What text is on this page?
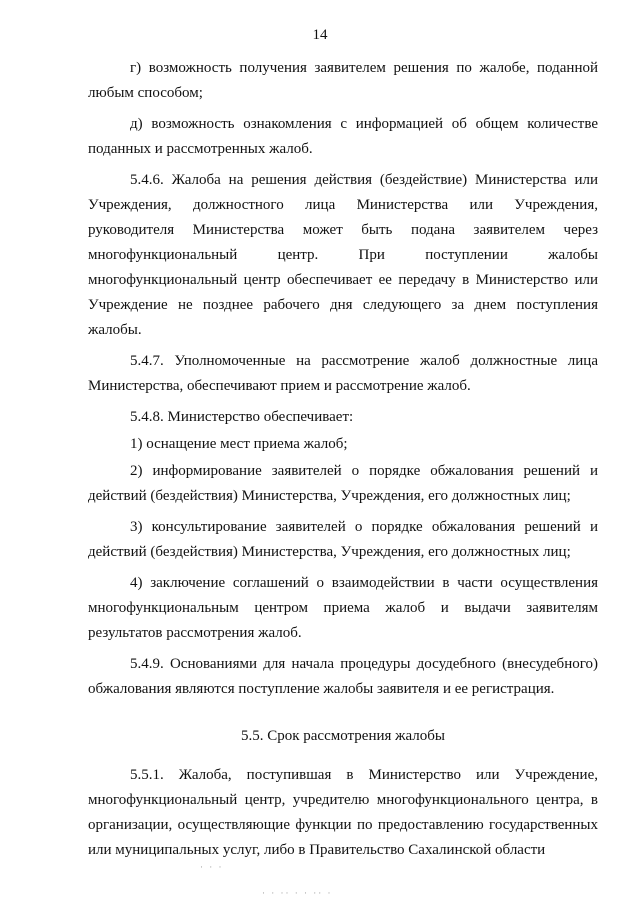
14

г) возможность получения заявителем решения по жалобе, поданной любым способом;

д) возможность ознакомления с информацией об общем количестве поданных и рассмотренных жалоб.

5.4.6. Жалоба на решения действия (бездействие) Министерства или Учреждения, должностного лица Министерства или Учреждения, руководителя Министерства может быть подана заявителем через многофункциональный центр. При поступлении жалобы многофункциональный центр обеспечивает ее передачу в Министерство или Учреждение не позднее рабочего дня следующего за днем поступления жалобы.

5.4.7. Уполномоченные на рассмотрение жалоб должностные лица Министерства, обеспечивают прием и рассмотрение жалоб.

5.4.8. Министерство обеспечивает:

1) оснащение мест приема жалоб;

2) информирование заявителей о порядке обжалования решений и действий (бездействия) Министерства, Учреждения, его должностных лиц;

3) консультирование заявителей о порядке обжалования решений и действий (бездействия) Министерства, Учреждения, его должностных лиц;

4) заключение соглашений о взаимодействии в части осуществления многофункциональным центром приема жалоб и выдачи заявителям результатов рассмотрения жалоб.

5.4.9. Основаниями для начала процедуры досудебного (внесудебного) обжалования являются поступление жалобы заявителя и ее регистрация.

5.5. Срок рассмотрения жалобы

5.5.1. Жалоба, поступившая в Министерство или Учреждение, многофункциональный центр, учредителю многофункционального центра, в организации, осуществляющие функции по предоставлению государственных или муниципальных услуг, либо в Правительство Сахалинской области

· · ·
· · ·· · · ·· ·
